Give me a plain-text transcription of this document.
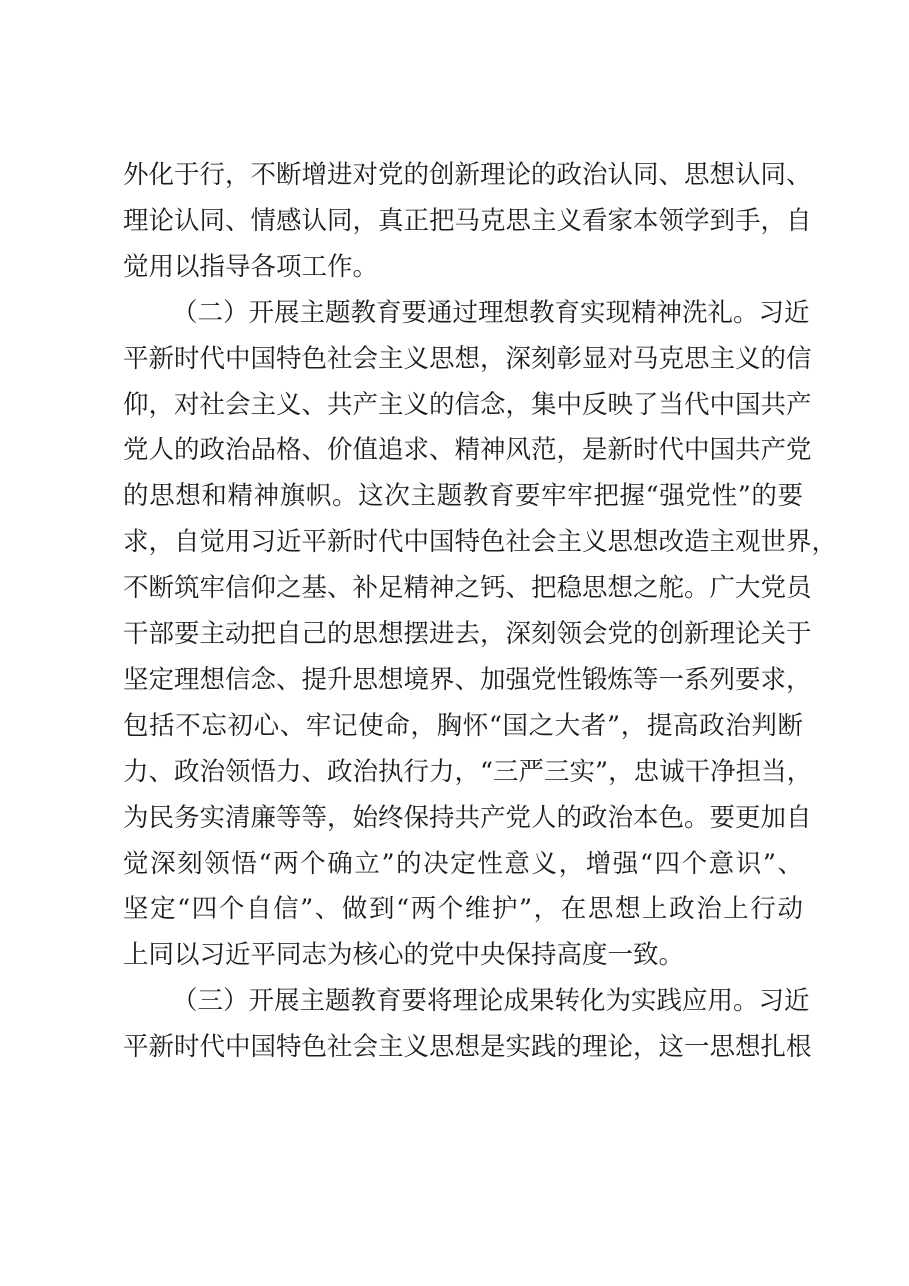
外化于行，不断增进对党的创新理论的政治认同、思想认同、
理论认同、情感认同，真正把马克思主义看家本领学到手，自
觉用以指导各项工作。
（二）开展主题教育要通过理想教育实现精神洗礼。习近
平新时代中国特色社会主义思想，深刻彰显对马克思主义的信
仰，对社会主义、共产主义的信念，集中反映了当代中国共产
党人的政治品格、价值追求、精神风范，是新时代中国共产党
的思想和精神旗帜。这次主题教育要牢牢把握“强党性”的要
求，自觉用习近平新时代中国特色社会主义思想改造主观世界，
不断筑牢信仰之基、补足精神之钙、把稳思想之舵。广大党员
干部要主动把自己的思想摆进去，深刻领会党的创新理论关于
坚定理想信念、提升思想境界、加强党性锻炼等一系列要求，
包括不忘初心、牢记使命，胸怀“国之大者”，提高政治判断
力、政治领悟力、政治执行力，“三严三实”，忠诚干净担当，
为民务实清廉等等，始终保持共产党人的政治本色。要更加自
觉深刻领悟“两个确立”的决定性意义，增强“四个意识”、
坚定“四个自信”、做到“两个维护”，在思想上政治上行动
上同以习近平同志为核心的党中央保持高度一致。
（三）开展主题教育要将理论成果转化为实践应用。习近
平新时代中国特色社会主义思想是实践的理论，这一思想扎根
